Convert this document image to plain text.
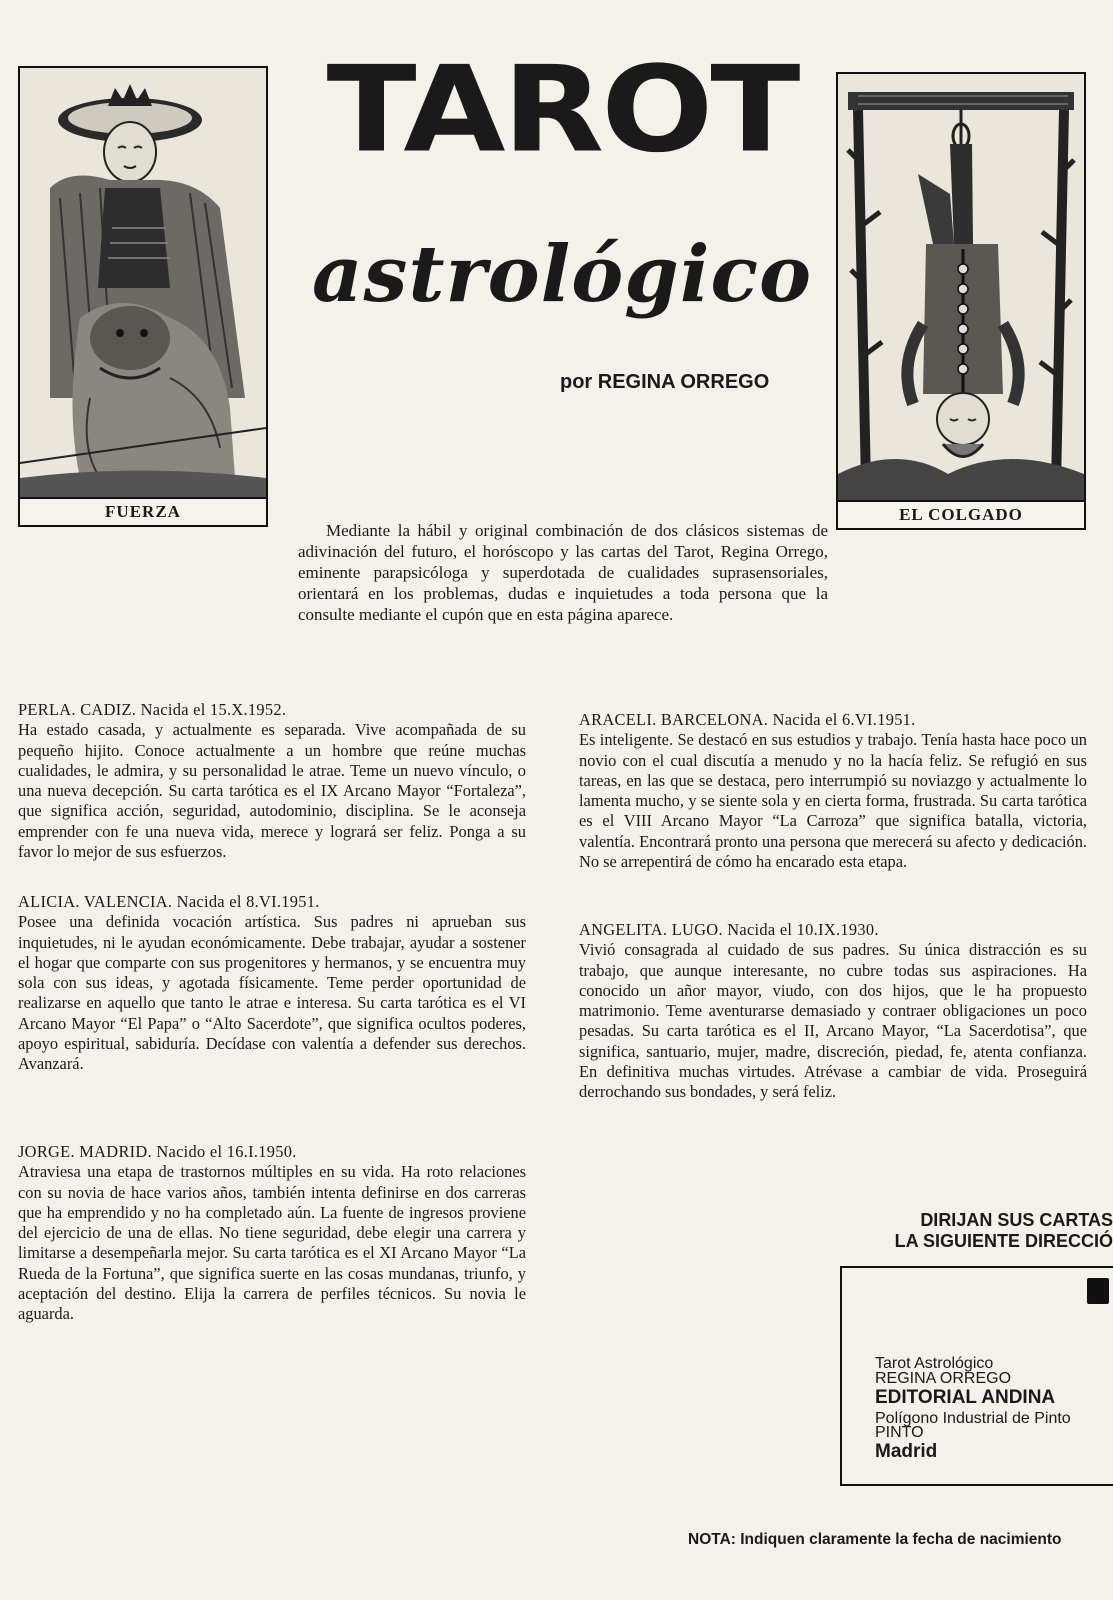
FUERZA	EL COLGADO
TAROT
astrológico
por REGINA ORREGO
Mediante la hábil y original combinación de dos clásicos sistemas de adivinación del futuro, el horóscopo y las cartas del Tarot, Regina Orrego, eminente parapsicóloga y superdotada de cualidades suprasensoriales, orientará en los problemas, dudas e inquietudes a toda persona que la consulte mediante el cupón que en esta página aparece.
PERLA. CADIZ. Nacida el 15.X.1952.
Ha estado casada, y actualmente es separada. Vive acompañada de su pequeño hijito. Conoce actualmente a un hombre que reúne muchas cualidades, le admira, y su personalidad le atrae. Teme un nuevo vínculo, o una nueva decepción. Su carta tarótica es el IX Arcano Mayor “Fortaleza”, que significa acción, seguridad, autodominio, disciplina. Se le aconseja emprender con fe una nueva vida, merece y logrará ser feliz. Ponga a su favor lo mejor de sus esfuerzos.
ALICIA. VALENCIA. Nacida el 8.VI.1951.
Posee una definida vocación artística. Sus padres ni aprueban sus inquietudes, ni le ayudan económicamente. Debe trabajar, ayudar a sostener el hogar que comparte con sus progenitores y hermanos, y se encuentra muy sola con sus ideas, y agotada físicamente. Teme perder oportunidad de realizarse en aquello que tanto le atrae e interesa. Su carta tarótica es el VI Arcano Mayor “El Papa” o “Alto Sacerdote”, que significa ocultos poderes, apoyo espiritual, sabiduría. Decídase con valentía a defender sus derechos. Avanzará.
JORGE. MADRID. Nacido el 16.I.1950.
Atraviesa una etapa de trastornos múltiples en su vida. Ha roto relaciones con su novia de hace varios años, también intenta definirse en dos carreras que ha emprendido y no ha completado aún. La fuente de ingresos proviene del ejercicio de una de ellas. No tiene seguridad, debe elegir una carrera y limitarse a desempeñarla mejor. Su carta tarótica es el XI Arcano Mayor “La Rueda de la Fortuna”, que significa suerte en las cosas mundanas, triunfo, y aceptación del destino. Elija la carrera de perfiles técnicos. Su novia le aguarda.
ARACELI. BARCELONA. Nacida el 6.VI.1951.
Es inteligente. Se destacó en sus estudios y trabajo. Tenía hasta hace poco un novio con el cual discutía a menudo y no la hacía feliz. Se refugió en sus tareas, en las que se destaca, pero interrumpió su noviazgo y actualmente lo lamenta mucho, y se siente sola y en cierta forma, frustrada. Su carta tarótica es el VIII Arcano Mayor “La Carroza” que significa batalla, victoria, valentía. Encontrará pronto una persona que merecerá su afecto y dedicación. No se arrepentirá de cómo ha encarado esta etapa.
ANGELITA. LUGO. Nacida el 10.IX.1930.
Vivió consagrada al cuidado de sus padres. Su única distracción es su trabajo, que aunque interesante, no cubre todas sus aspiraciones. Ha conocido un añor mayor, viudo, con dos hijos, que le ha propuesto matrimonio. Teme aventurarse demasiado y contraer obligaciones un poco pesadas. Su carta tarótica es el II, Arcano Mayor, “La Sacerdotisa”, que significa, santuario, mujer, madre, discreción, piedad, fe, atenta confianza. En definitiva muchas virtudes. Atrévase a cambiar de vida. Proseguirá derrochando sus bondades, y será feliz.
DIRIJAN SUS CARTAS
LA SIGUIENTE DIRECCIÓ
Tarot Astrológico
REGINA ORREGO
EDITORIAL ANDINA
Polígono Industrial de Pinto
PINTO
Madrid
NOTA: Indiquen claramente la fecha de nacimiento
